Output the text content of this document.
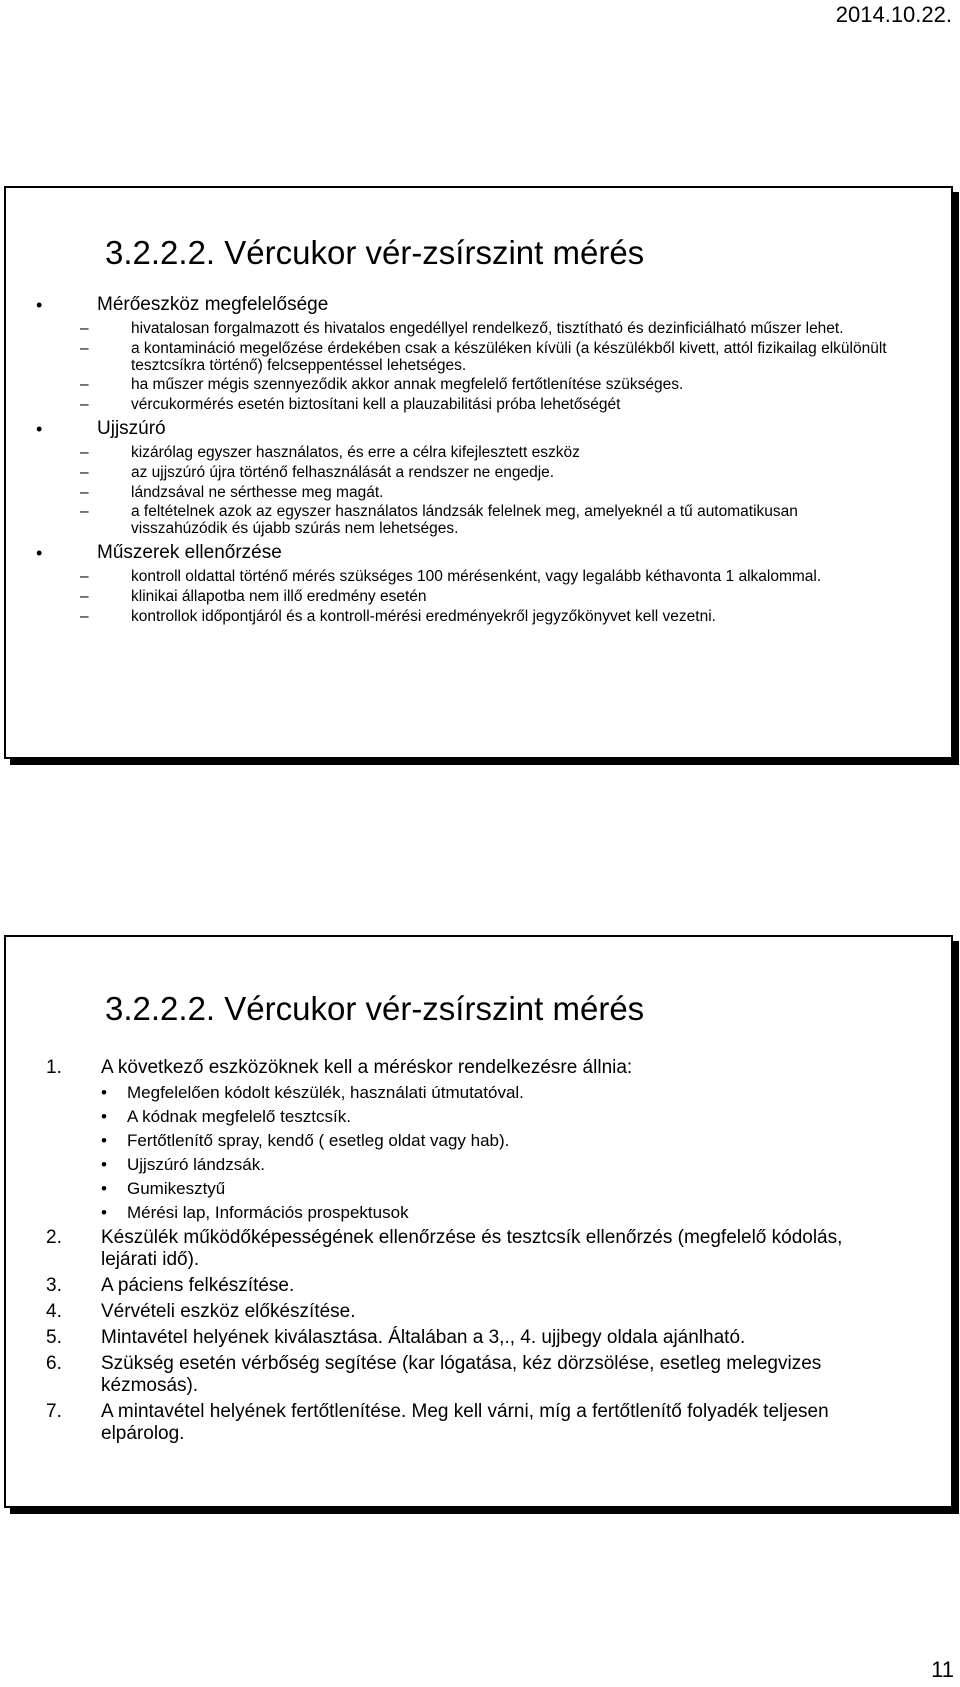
2014.10.22.
3.2.2.2. Vércukor vér-zsírszint mérés
•	Mérőeszköz megfelelősége
–	hivatalosan forgalmazott és hivatalos engedéllyel rendelkező, tisztítható és dezinficiálható műszer lehet.
–	a kontamináció megelőzése érdekében csak a készüléken kívüli (a készülékből kivett, attól fizikailag elkülönült tesztcsíkra történő) felcseppentéssel lehetséges.
–	ha műszer mégis szennyeződik akkor annak megfelelő fertőtlenítése szükséges.
–	vércukormérés esetén biztosítani kell a plauzabilitási próba lehetőségét
•	Ujjszúró
–	kizárólag egyszer használatos, és erre a célra kifejlesztett eszköz
–	az ujjszúró újra történő felhasználását a rendszer ne engedje.
–	lándzsával ne sérthesse meg magát.
–	a feltételnek azok az egyszer használatos lándzsák felelnek meg, amelyeknél a tű automatikusan visszahúzódik és újabb szúrás nem lehetséges.
•	Műszerek ellenőrzése
–	kontroll oldattal történő mérés szükséges 100 mérésenként, vagy legalább kéthavonta 1 alkalommal.
–	klinikai állapotba nem illő eredmény esetén
–	kontrollok időpontjáról és a kontroll-mérési eredményekről jegyzőkönyvet kell vezetni.
3.2.2.2. Vércukor vér-zsírszint mérés
1. A következő eszközöknek kell a méréskor rendelkezésre állnia:
• Megfelelően kódolt készülék, használati útmutatóval.
• A kódnak megfelelő tesztcsík.
• Fertőtlenítő spray, kendő ( esetleg oldat vagy hab).
• Ujjszúró lándzsák.
• Gumikesztyű
• Mérési lap, Információs prospektusok
2. Készülék működőképességének ellenőrzése és tesztcsík ellenőrzés (megfelelő kódolás, lejárati idő).
3. A páciens felkészítése.
4. Vérvételi eszköz előkészítése.
5. Mintavétel helyének kiválasztása. Általában a 3,., 4. ujjbegy oldala ajánlható.
6. Szükség esetén vérbőség segítése (kar lógatása, kéz dörzsölése, esetleg melegvizes kézmosás).
7. A mintavétel helyének fertőtlenítése. Meg kell várni, míg a fertőtlenítő folyadék teljesen elpárolog.
11
